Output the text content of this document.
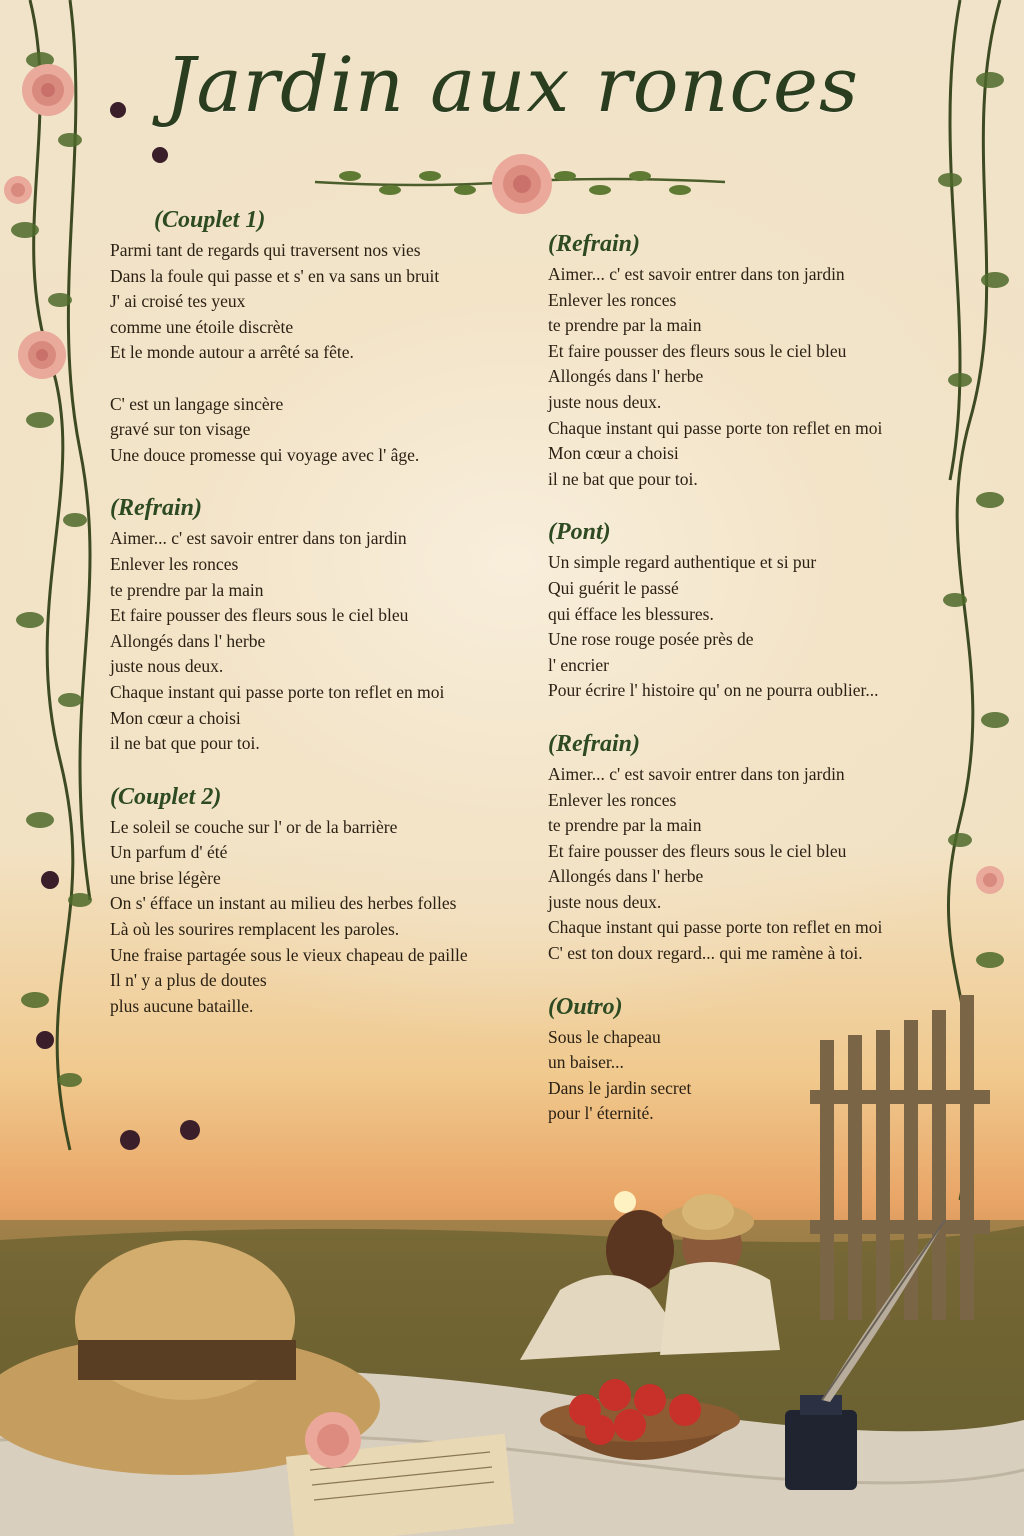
Jardin aux ronces
(Couplet 1)
Parmi tant de regards qui traversent nos vies
Dans la foule qui passe et s' en va sans un bruit
J' ai croisé tes yeux
comme une étoile discrète
Et le monde autour a arrêté sa fête.
C' est un langage sincère
gravé sur ton visage
Une douce promesse qui voyage avec l' âge.
(Refrain)
Aimer... c' est savoir entrer dans ton jardin
Enlever les ronces
te prendre par la main
Et faire pousser des fleurs sous le ciel bleu
Allongés dans l' herbe
juste nous deux.
Chaque instant qui passe porte ton reflet en moi
Mon cœur a choisi
il ne bat que pour toi.
(Couplet 2)
Le soleil se couche sur l' or de la barrière
Un parfum d' été
une brise légère
On s' éfface un instant au milieu des herbes folles
Là où les sourires remplacent les paroles.
Une fraise partagée sous le vieux chapeau de paille
Il n' y a plus de doutes
plus aucune bataille.
(Refrain)
Aimer... c' est savoir entrer dans ton jardin
Enlever les ronces
te prendre par la main
Et faire pousser des fleurs sous le ciel bleu
Allongés dans l' herbe
juste nous deux.
Chaque instant qui passe porte ton reflet en moi
Mon cœur a choisi
il ne bat que pour toi.
(Pont)
Un simple regard authentique et si pur
Qui guérit le passé
qui éfface les blessures.
Une rose rouge posée près de
l' encrier
Pour écrire l' histoire qu' on ne pourra oublier...
(Refrain)
Aimer... c' est savoir entrer dans ton jardin
Enlever les ronces
te prendre par la main
Et faire pousser des fleurs sous le ciel bleu
Allongés dans l' herbe
juste nous deux.
Chaque instant qui passe porte ton reflet en moi
C' est ton doux regard... qui me ramène à toi.
(Outro)
Sous le chapeau
un baiser...
Dans le jardin secret
pour l' éternité.
